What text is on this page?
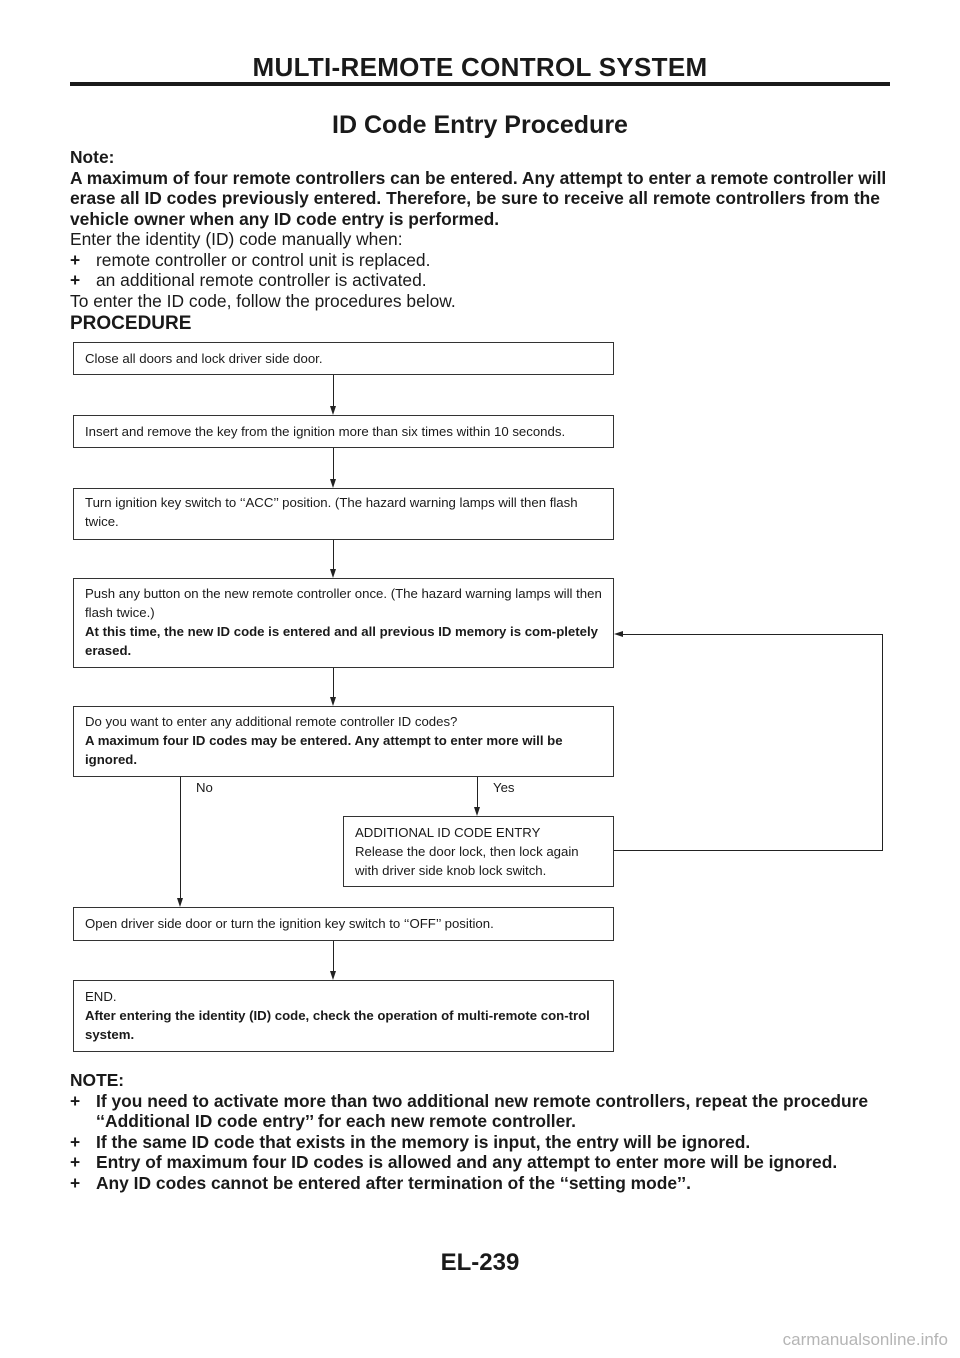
MULTI-REMOTE CONTROL SYSTEM
ID Code Entry Procedure

Note:

A maximum of four remote controllers can be entered. Any attempt to enter a remote controller will erase all ID codes previously entered. Therefore, be sure to receive all remote controllers from the vehicle owner when any ID code entry is performed.

Enter the identity (ID) code manually when:

+ remote controller or control unit is replaced.
+ an additional remote controller is activated.

To enter the ID code, follow the procedures below.

PROCEDURE

Close all doors and lock driver side door.

Insert and remove the key from the ignition more than six times within 10 seconds.

Turn ignition key switch to ‘‘ACC’’ position. (The hazard warning lamps will then flash twice.

Push any button on the new remote controller once. (The hazard warning lamps will then flash twice.)

At this time, the new ID code is entered and all previous ID memory is com-pletely erased.

Do you want to enter any additional remote controller ID codes?

A maximum four ID codes may be entered. Any attempt to enter more will be ignored.

No	Yes

ADDITIONAL ID CODE ENTRY

Release the door lock, then lock again with driver side knob lock switch.

Open driver side door or turn the ignition key switch to ‘‘OFF’’ position.

END.

After entering the identity (ID) code, check the operation of multi-remote con-trol system.

NOTE:

+ If you need to activate more than two additional new remote controllers, repeat the procedure ‘‘Additional ID code entry’’ for each new remote controller.
+ If the same ID code that exists in the memory is input, the entry will be ignored.
+ Entry of maximum four ID codes is allowed and any attempt to enter more will be ignored.
+ Any ID codes cannot be entered after termination of the ‘‘setting mode’’.
EL-239
carmanualsonline.info
